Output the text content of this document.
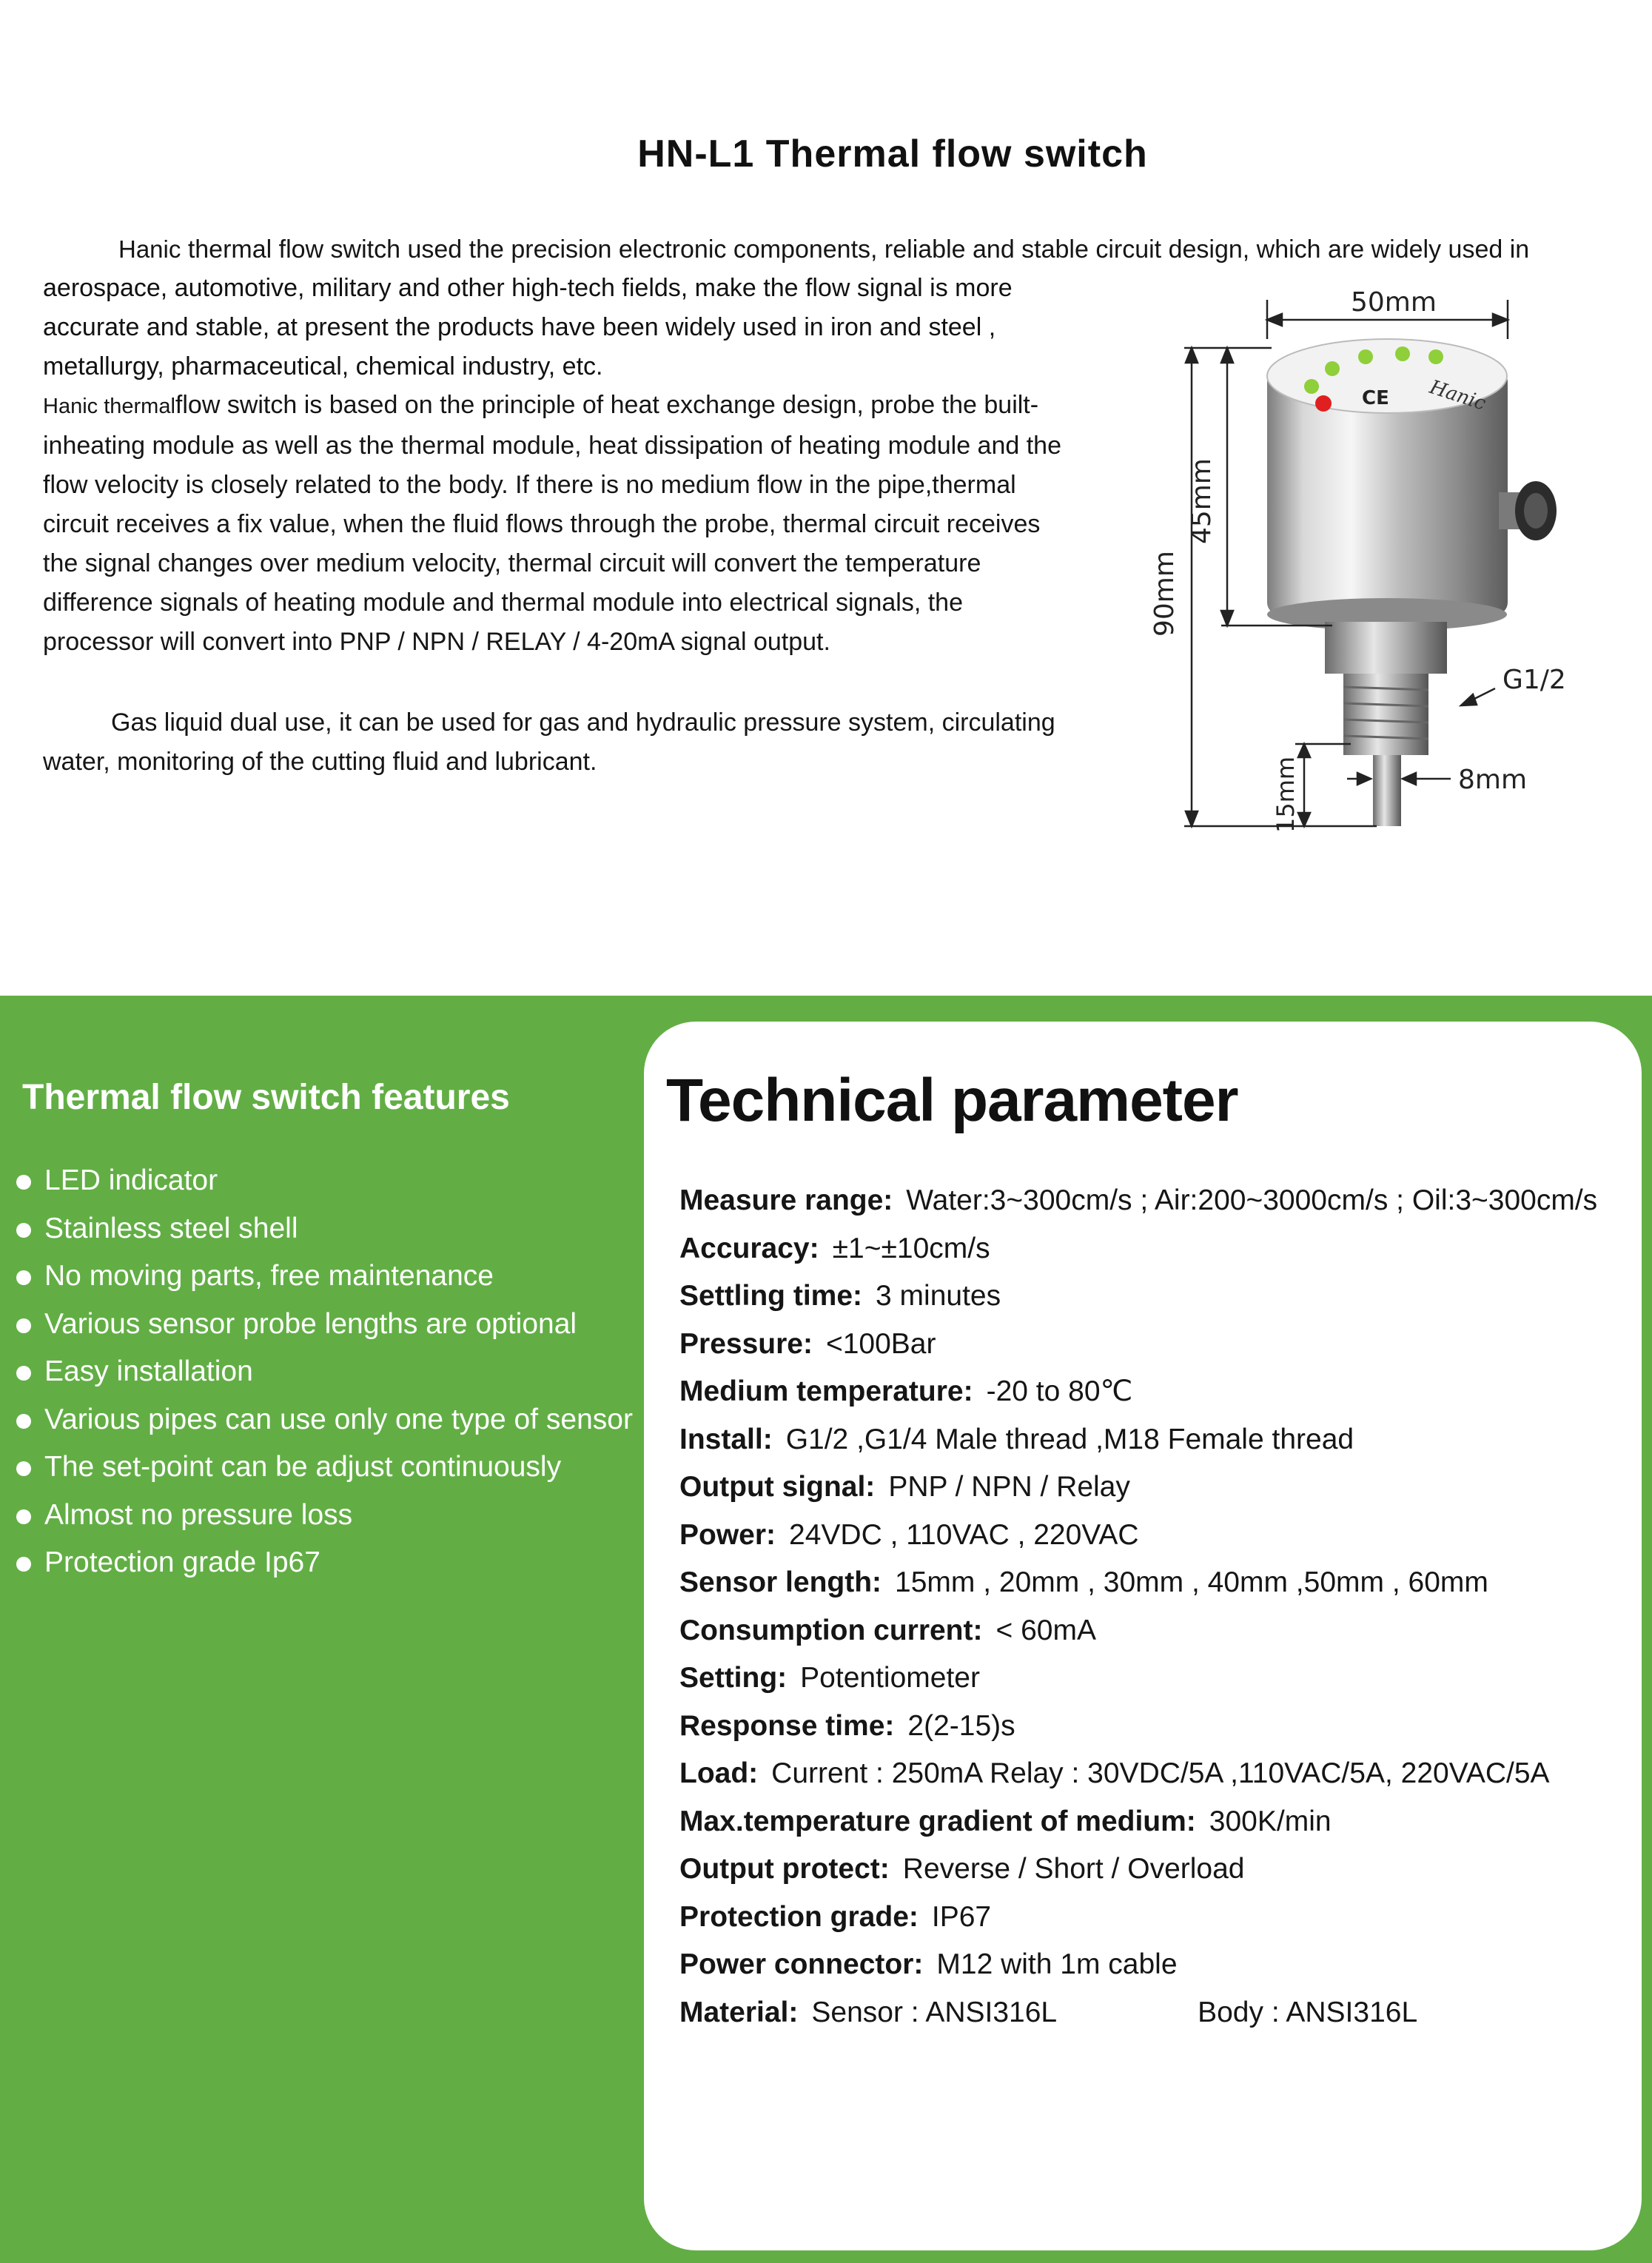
HN-L1 Thermal flow switch
Hanic thermal flow switch used the precision electronic components, reliable and stable circuit design, which are widely used in
aerospace, automotive, military and other high-tech fields, make the flow signal is more accurate and stable, at present the products have been widely used in iron and steel , metallurgy, pharmaceutical, chemical industry, etc.
Hanic thermalflow switch is based on the principle of heat exchange design, probe the built-inheating module as well as the thermal module, heat dissipation of heating module and the flow velocity is closely related to the body. If there is no medium flow in the pipe,thermal circuit receives a fix value, when the fluid flows through the probe, thermal circuit receives the signal changes over medium velocity, thermal circuit will convert the temperature difference signals of heating module and thermal module into electrical signals, the processor will convert into PNP / NPN / RELAY / 4-20mA signal output.
Gas liquid dual use, it can be used for gas and hydraulic pressure system, circulating water, monitoring of the cutting fluid and lubricant.
Hanic
CE
50mm
90mm
45mm
G1/2
8mm
15mm
Thermal flow switch features
LED indicator
Stainless steel shell
No moving parts, free maintenance
Various sensor probe lengths are optional
Easy installation
Various pipes can use only one type of sensor
The set-point can be adjust continuously
Almost no pressure loss
Protection grade Ip67
Technical parameter
Measure range: Water:3~300cm/s ; Air:200~3000cm/s ; Oil:3~300cm/s
Accuracy: ±1~±10cm/s
Settling time: 3 minutes
Pressure: <100Bar
Medium temperature: -20 to 80℃
Install: G1/2 ,G1/4 Male thread ,M18 Female thread
Output signal: PNP / NPN / Relay
Power: 24VDC , 110VAC , 220VAC
Sensor length: 15mm , 20mm , 30mm , 40mm ,50mm , 60mm
Consumption current: < 60mA
Setting: Potentiometer
Response time: 2(2-15)s
Load: Current : 250mA Relay : 30VDC/5A ,110VAC/5A, 220VAC/5A
Max.temperature gradient of medium: 300K/min
Output protect: Reverse / Short / Overload
Protection grade: IP67
Power connector: M12 with 1m cable
Material: Sensor : ANSI316L	Body : ANSI316L
